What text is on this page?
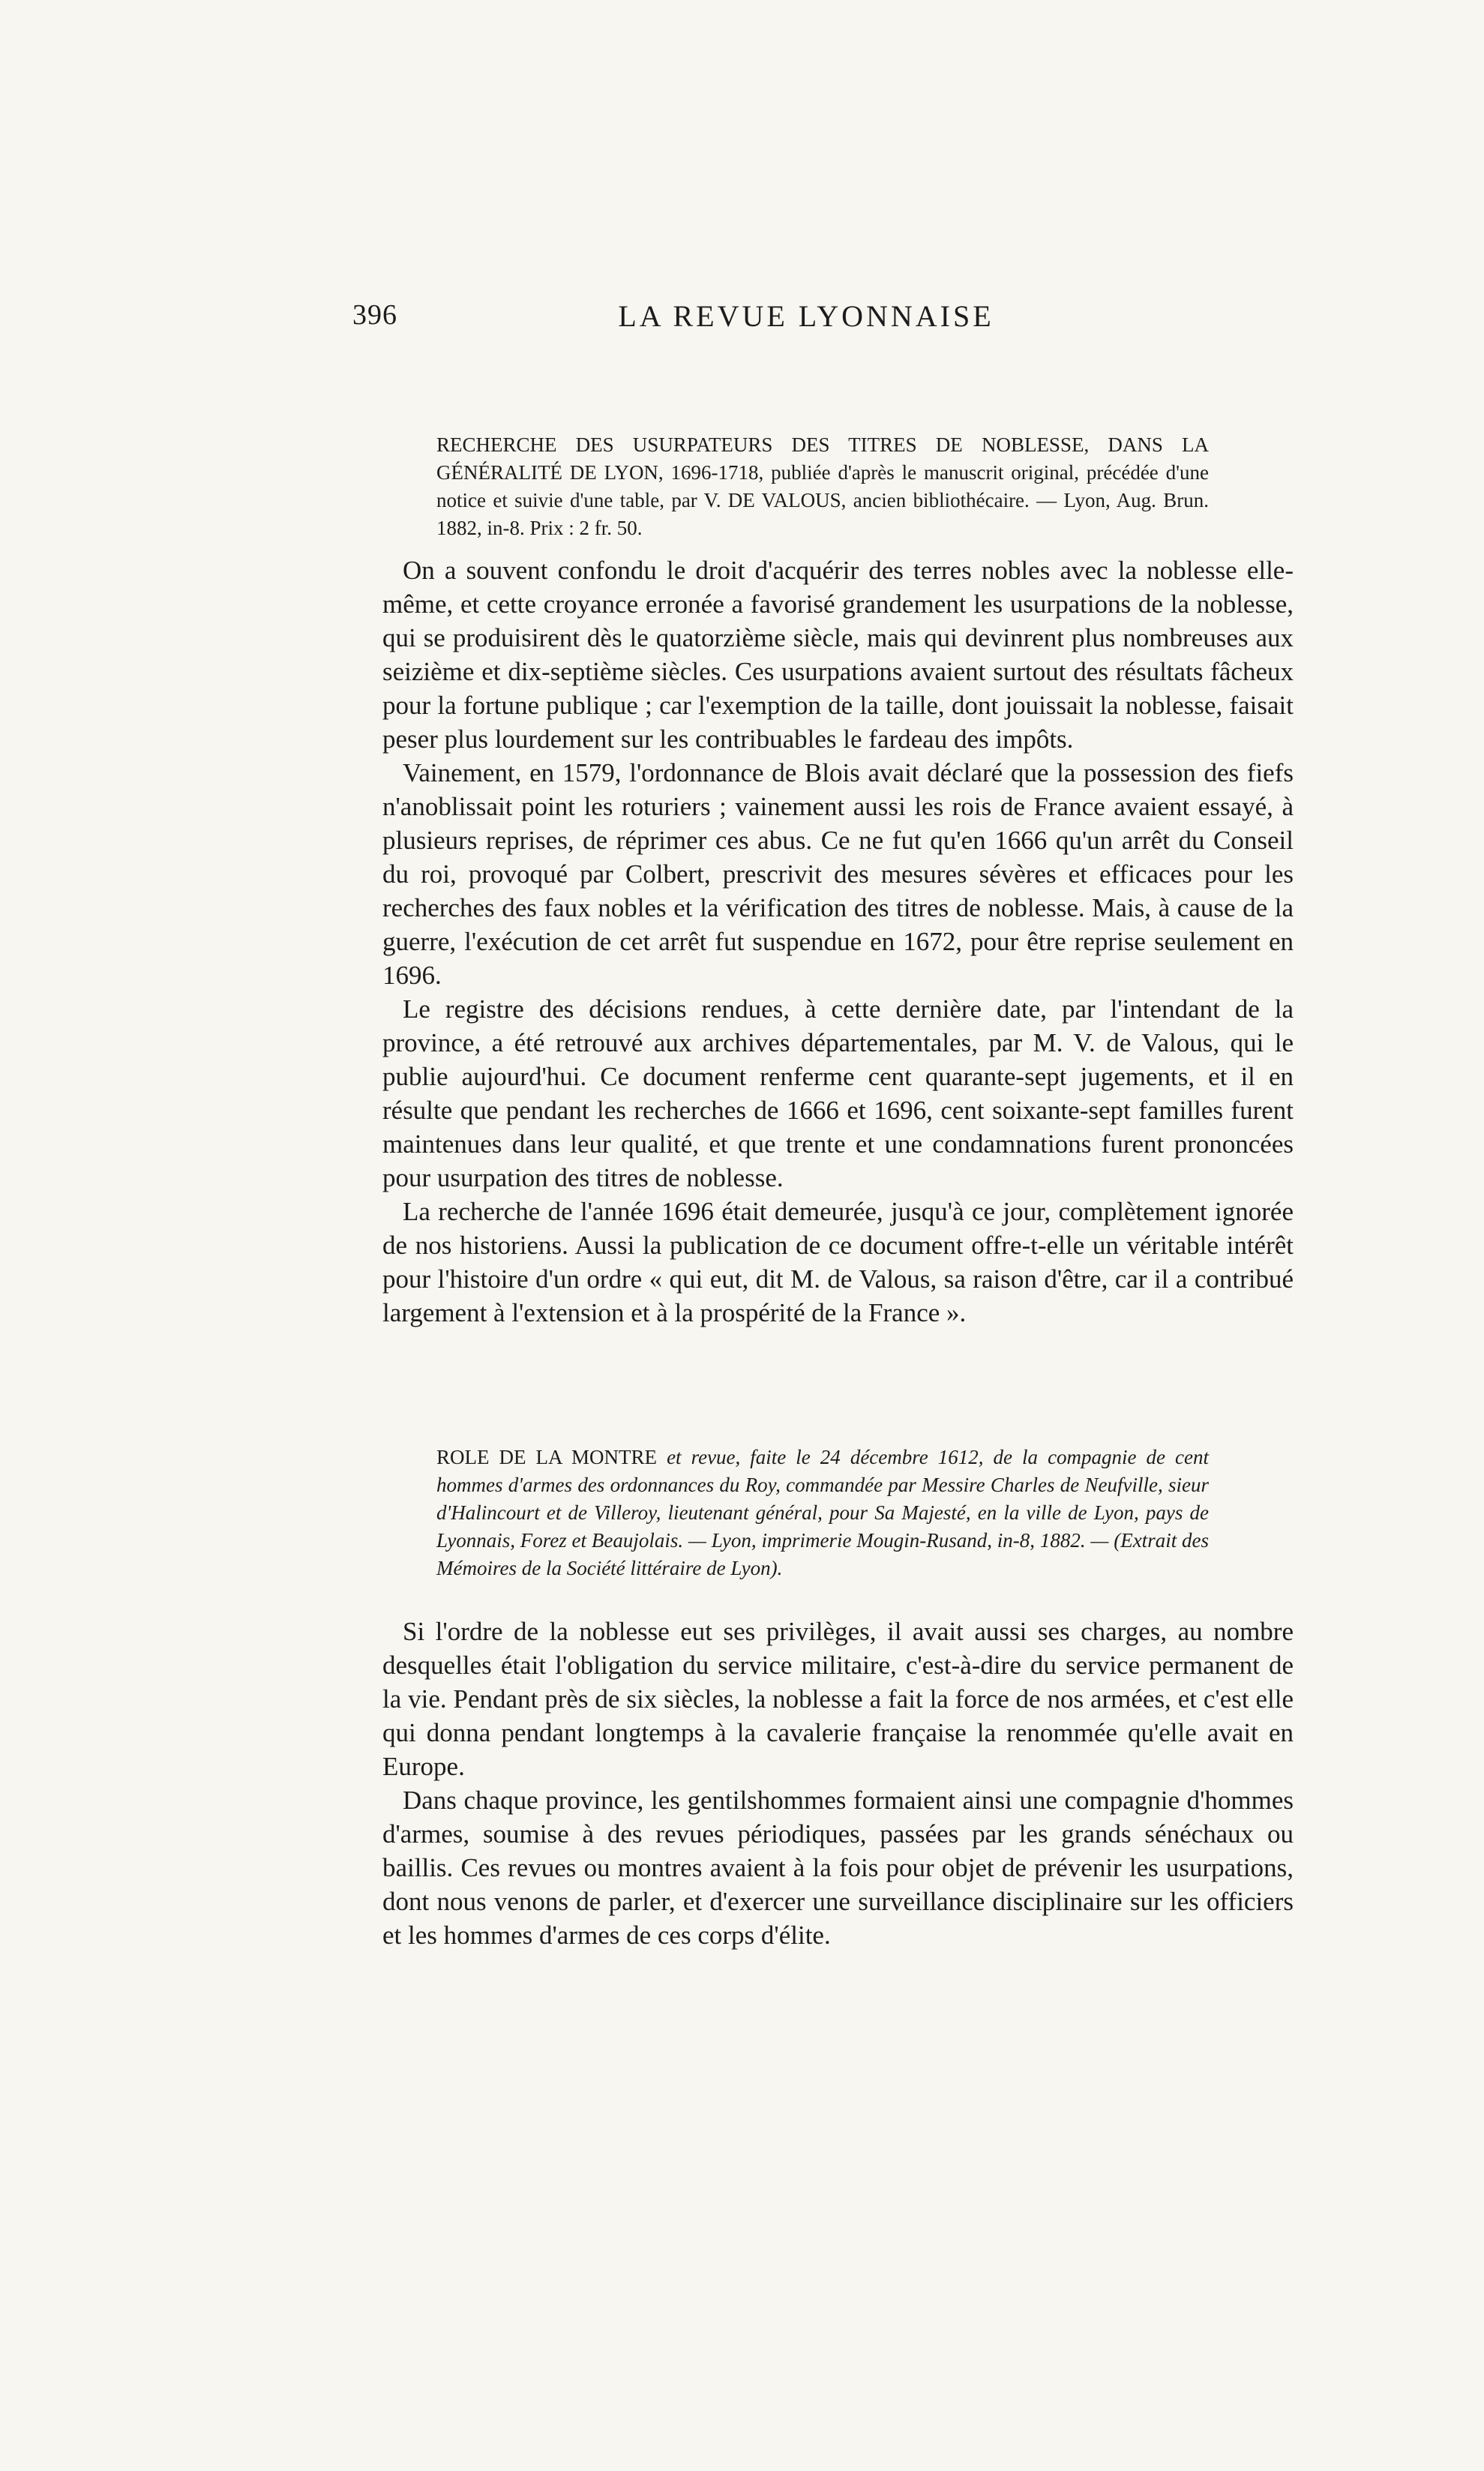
396	LA REVUE LYONNAISE
RECHERCHE DES USURPATEURS DES TITRES DE NOBLESSE, DANS LA GÉNÉRALITÉ DE LYON, 1696-1718, publiée d'après le manuscrit original, précédée d'une notice et suivie d'une table, par V. DE VALOUS, ancien bibliothécaire. — Lyon, Aug. Brun. 1882, in-8. Prix : 2 fr. 50.

On a souvent confondu le droit d'acquérir des terres nobles avec la noblesse elle-même, et cette croyance erronée a favorisé grandement les usurpations de la noblesse, qui se produisirent dès le quatorzième siècle, mais qui devinrent plus nombreuses aux seizième et dix-septième siècles. Ces usurpations avaient surtout des résultats fâcheux pour la fortune publique ; car l'exemption de la taille, dont jouissait la noblesse, faisait peser plus lourdement sur les contribuables le fardeau des impôts.

Vainement, en 1579, l'ordonnance de Blois avait déclaré que la possession des fiefs n'anoblissait point les roturiers ; vainement aussi les rois de France avaient essayé, à plusieurs reprises, de réprimer ces abus. Ce ne fut qu'en 1666 qu'un arrêt du Conseil du roi, provoqué par Colbert, prescrivit des mesures sévères et efficaces pour les recherches des faux nobles et la vérification des titres de noblesse. Mais, à cause de la guerre, l'exécution de cet arrêt fut suspendue en 1672, pour être reprise seulement en 1696.

Le registre des décisions rendues, à cette dernière date, par l'intendant de la province, a été retrouvé aux archives départementales, par M. V. de Valous, qui le publie aujourd'hui. Ce document renferme cent quarante-sept jugements, et il en résulte que pendant les recherches de 1666 et 1696, cent soixante-sept familles furent maintenues dans leur qualité, et que trente et une condamnations furent prononcées pour usurpation des titres de noblesse.

La recherche de l'année 1696 était demeurée, jusqu'à ce jour, complètement ignorée de nos historiens. Aussi la publication de ce document offre-t-elle un véritable intérêt pour l'histoire d'un ordre « qui eut, dit M. de Valous, sa raison d'être, car il a contribué largement à l'extension et à la prospérité de la France ».

ROLE DE LA MONTRE et revue, faite le 24 décembre 1612, de la compagnie de cent hommes d'armes des ordonnances du Roy, commandée par Messire Charles de Neufville, sieur d'Halincourt et de Villeroy, lieutenant général, pour Sa Majesté, en la ville de Lyon, pays de Lyonnais, Forez et Beaujolais. — Lyon, imprimerie Mougin-Rusand, in-8, 1882. — (Extrait des Mémoires de la Société littéraire de Lyon).

Si l'ordre de la noblesse eut ses privilèges, il avait aussi ses charges, au nombre desquelles était l'obligation du service militaire, c'est-à-dire du service permanent de la vie. Pendant près de six siècles, la noblesse a fait la force de nos armées, et c'est elle qui donna pendant longtemps à la cavalerie française la renommée qu'elle avait en Europe.

Dans chaque province, les gentilshommes formaient ainsi une compagnie d'hommes d'armes, soumise à des revues périodiques, passées par les grands sénéchaux ou baillis. Ces revues ou montres avaient à la fois pour objet de prévenir les usurpations, dont nous venons de parler, et d'exercer une surveillance disciplinaire sur les officiers et les hommes d'armes de ces corps d'élite.
